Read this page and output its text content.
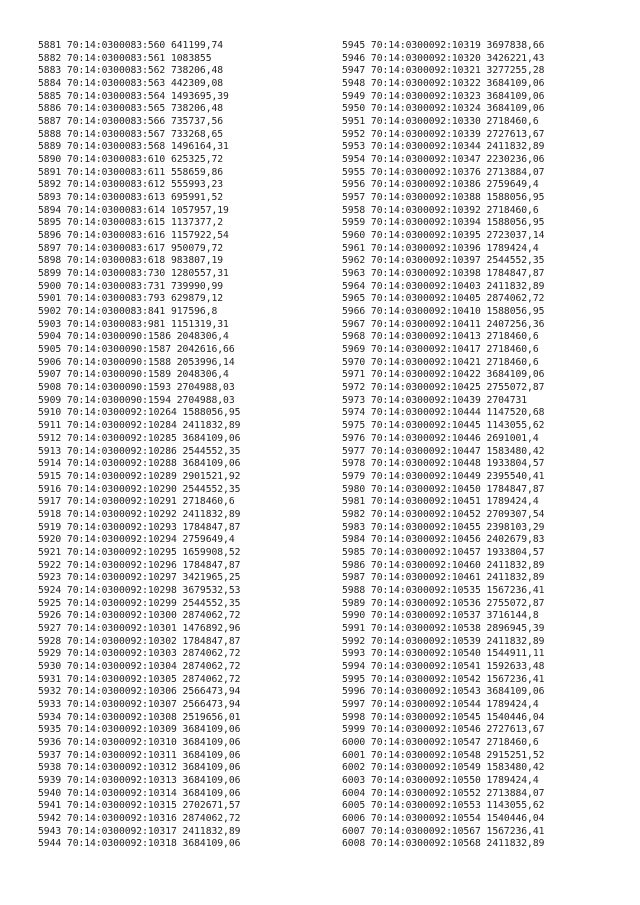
5881 70:14:0300083:560 641199,74
5882 70:14:0300083:561 1083855
5883 70:14:0300083:562 738206,48
5884 70:14:0300083:563 442309,08
5885 70:14:0300083:564 1493695,39
5886 70:14:0300083:565 738206,48
5887 70:14:0300083:566 735737,56
5888 70:14:0300083:567 733268,65
5889 70:14:0300083:568 1496164,31
5890 70:14:0300083:610 625325,72
5891 70:14:0300083:611 558659,86
5892 70:14:0300083:612 555993,23
5893 70:14:0300083:613 695991,52
5894 70:14:0300083:614 1057957,19
5895 70:14:0300083:615 1137377,2
5896 70:14:0300083:616 1157922,54
5897 70:14:0300083:617 950079,72
5898 70:14:0300083:618 983807,19
5899 70:14:0300083:730 1280557,31
5900 70:14:0300083:731 739990,99
5901 70:14:0300083:793 629879,12
5902 70:14:0300083:841 917596,8
5903 70:14:0300083:981 1151319,31
5904 70:14:0300090:1586 2048306,4
5905 70:14:0300090:1587 2042616,66
5906 70:14:0300090:1588 2053996,14
5907 70:14:0300090:1589 2048306,4
5908 70:14:0300090:1593 2704988,03
5909 70:14:0300090:1594 2704988,03
5910 70:14:0300092:10264 1588056,95
5911 70:14:0300092:10284 2411832,89
5912 70:14:0300092:10285 3684109,06
5913 70:14:0300092:10286 2544552,35
5914 70:14:0300092:10288 3684109,06
5915 70:14:0300092:10289 2901521,92
5916 70:14:0300092:10290 2544552,35
5917 70:14:0300092:10291 2718460,6
5918 70:14:0300092:10292 2411832,89
5919 70:14:0300092:10293 1784847,87
5920 70:14:0300092:10294 2759649,4
5921 70:14:0300092:10295 1659908,52
5922 70:14:0300092:10296 1784847,87
5923 70:14:0300092:10297 3421965,25
5924 70:14:0300092:10298 3679532,53
5925 70:14:0300092:10299 2544552,35
5926 70:14:0300092:10300 2874062,72
5927 70:14:0300092:10301 1476892,96
5928 70:14:0300092:10302 1784847,87
5929 70:14:0300092:10303 2874062,72
5930 70:14:0300092:10304 2874062,72
5931 70:14:0300092:10305 2874062,72
5932 70:14:0300092:10306 2566473,94
5933 70:14:0300092:10307 2566473,94
5934 70:14:0300092:10308 2519656,01
5935 70:14:0300092:10309 3684109,06
5936 70:14:0300092:10310 3684109,06
5937 70:14:0300092:10311 3684109,06
5938 70:14:0300092:10312 3684109,06
5939 70:14:0300092:10313 3684109,06
5940 70:14:0300092:10314 3684109,06
5941 70:14:0300092:10315 2702671,57
5942 70:14:0300092:10316 2874062,72
5943 70:14:0300092:10317 2411832,89
5944 70:14:0300092:10318 3684109,06
5945 70:14:0300092:10319 3697838,66
5946 70:14:0300092:10320 3426221,43
5947 70:14:0300092:10321 3277255,28
5948 70:14:0300092:10322 3684109,06
5949 70:14:0300092:10323 3684109,06
5950 70:14:0300092:10324 3684109,06
5951 70:14:0300092:10330 2718460,6
5952 70:14:0300092:10339 2727613,67
5953 70:14:0300092:10344 2411832,89
5954 70:14:0300092:10347 2230236,06
5955 70:14:0300092:10376 2713884,07
5956 70:14:0300092:10386 2759649,4
5957 70:14:0300092:10388 1588056,95
5958 70:14:0300092:10392 2718460,6
5959 70:14:0300092:10394 1588056,95
5960 70:14:0300092:10395 2723037,14
5961 70:14:0300092:10396 1789424,4
5962 70:14:0300092:10397 2544552,35
5963 70:14:0300092:10398 1784847,87
5964 70:14:0300092:10403 2411832,89
5965 70:14:0300092:10405 2874062,72
5966 70:14:0300092:10410 1588056,95
5967 70:14:0300092:10411 2407256,36
5968 70:14:0300092:10413 2718460,6
5969 70:14:0300092:10417 2718460,6
5970 70:14:0300092:10421 2718460,6
5971 70:14:0300092:10422 3684109,06
5972 70:14:0300092:10425 2755072,87
5973 70:14:0300092:10439 2704731
5974 70:14:0300092:10444 1147520,68
5975 70:14:0300092:10445 1143055,62
5976 70:14:0300092:10446 2691001,4
5977 70:14:0300092:10447 1583480,42
5978 70:14:0300092:10448 1933804,57
5979 70:14:0300092:10449 2395540,41
5980 70:14:0300092:10450 1784847,87
5981 70:14:0300092:10451 1789424,4
5982 70:14:0300092:10452 2709307,54
5983 70:14:0300092:10455 2398103,29
5984 70:14:0300092:10456 2402679,83
5985 70:14:0300092:10457 1933804,57
5986 70:14:0300092:10460 2411832,89
5987 70:14:0300092:10461 2411832,89
5988 70:14:0300092:10535 1567236,41
5989 70:14:0300092:10536 2755072,87
5990 70:14:0300092:10537 3716144,8
5991 70:14:0300092:10538 2896945,39
5992 70:14:0300092:10539 2411832,89
5993 70:14:0300092:10540 1544911,11
5994 70:14:0300092:10541 1592633,48
5995 70:14:0300092:10542 1567236,41
5996 70:14:0300092:10543 3684109,06
5997 70:14:0300092:10544 1789424,4
5998 70:14:0300092:10545 1540446,04
5999 70:14:0300092:10546 2727613,67
6000 70:14:0300092:10547 2718460,6
6001 70:14:0300092:10548 2915251,52
6002 70:14:0300092:10549 1583480,42
6003 70:14:0300092:10550 1789424,4
6004 70:14:0300092:10552 2713884,07
6005 70:14:0300092:10553 1143055,62
6006 70:14:0300092:10554 1540446,04
6007 70:14:0300092:10567 1567236,41
6008 70:14:0300092:10568 2411832,89
